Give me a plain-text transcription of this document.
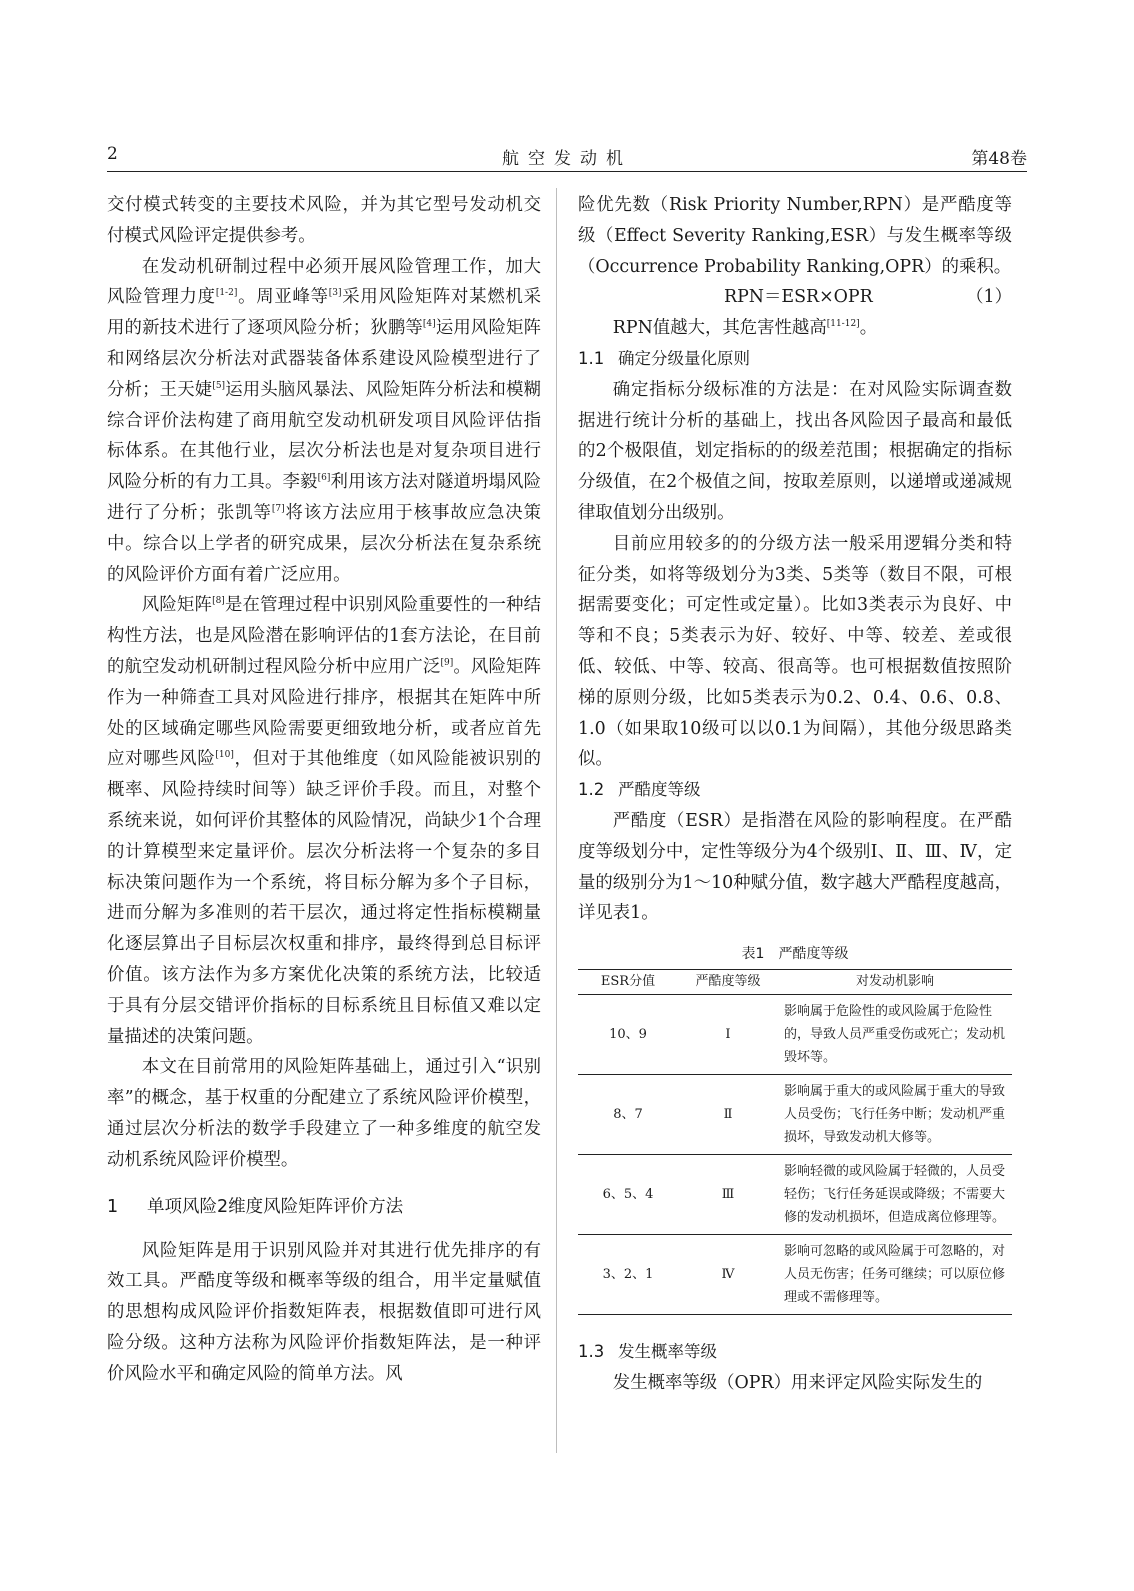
2	航空发动机	第48卷

交付模式转变的主要技术风险，并为其它型号发动机交付模式风险评定提供参考。

在发动机研制过程中必须开展风险管理工作，加大风险管理力度[1-2]。周亚峰等[3]采用风险矩阵对某燃机采用的新技术进行了逐项风险分析；狄鹏等[4]运用风险矩阵和网络层次分析法对武器装备体系建设风险模型进行了分析；王天婕[5]运用头脑风暴法、风险矩阵分析法和模糊综合评价法构建了商用航空发动机研发项目风险评估指标体系。在其他行业，层次分析法也是对复杂项目进行风险分析的有力工具。李毅[6]利用该方法对隧道坍塌风险进行了分析；张凯等[7]将该方法应用于核事故应急决策中。综合以上学者的研究成果，层次分析法在复杂系统的风险评价方面有着广泛应用。

风险矩阵[8]是在管理过程中识别风险重要性的一种结构性方法，也是风险潜在影响评估的1套方法论，在目前的航空发动机研制过程风险分析中应用广泛[9]。风险矩阵作为一种筛查工具对风险进行排序，根据其在矩阵中所处的区域确定哪些风险需要更细致地分析，或者应首先应对哪些风险[10]，但对于其他维度（如风险能被识别的概率、风险持续时间等）缺乏评价手段。而且，对整个系统来说，如何评价其整体的风险情况，尚缺少1个合理的计算模型来定量评价。层次分析法将一个复杂的多目标决策问题作为一个系统，将目标分解为多个子目标，进而分解为多准则的若干层次，通过将定性指标模糊量化逐层算出子目标层次权重和排序，最终得到总目标评价值。该方法作为多方案优化决策的系统方法，比较适于具有分层交错评价指标的目标系统且目标值又难以定量描述的决策问题。

本文在目前常用的风险矩阵基础上，通过引入“识别率”的概念，基于权重的分配建立了系统风险评价模型，通过层次分析法的数学手段建立了一种多维度的航空发动机系统风险评价模型。

1 单项风险2维度风险矩阵评价方法

风险矩阵是用于识别风险并对其进行优先排序的有效工具。严酷度等级和概率等级的组合，用半定量赋值的思想构成风险评价指数矩阵表，根据数值即可进行风险分级。这种方法称为风险评价指数矩阵法，是一种评价风险水平和确定风险的简单方法。风

险优先数（Risk Priority Number,RPN）是严酷度等级（Effect Severity Ranking,ESR）与发生概率等级（Occurrence Probability Ranking,OPR）的乘积。

RPN＝ESR×OPR	（1）

RPN值越大，其危害性越高[11-12]。

1.1 确定分级量化原则

确定指标分级标准的方法是：在对风险实际调查数据进行统计分析的基础上，找出各风险因子最高和最低的2个极限值，划定指标的的级差范围；根据确定的指标分级值，在2个极值之间，按取差原则，以递增或递减规律取值划分出级别。

目前应用较多的的分级方法一般采用逻辑分类和特征分类，如将等级划分为3类、5类等（数目不限，可根据需要变化；可定性或定量）。比如3类表示为良好、中等和不良；5类表示为好、较好、中等、较差、差或很低、较低、中等、较高、很高等。也可根据数值按照阶梯的原则分级，比如5类表示为0.2、0.4、0.6、0.8、1.0（如果取10级可以以0.1为间隔），其他分级思路类似。

1.2 严酷度等级

严酷度（ESR）是指潜在风险的影响程度。在严酷度等级划分中，定性等级分为4个级别Ⅰ、Ⅱ、Ⅲ、Ⅳ，定量的级别分为1～10种赋分值，数字越大严酷程度越高，详见表1。

表1　严酷度等级
ESR分值	严酷度等级	对发动机影响
10、9	Ⅰ	影响属于危险性的或风险属于危险性的，导致人员严重受伤或死亡；发动机毁坏等。
8、7	Ⅱ	影响属于重大的或风险属于重大的导致人员受伤；飞行任务中断；发动机严重损坏，导致发动机大修等。
6、5、4	Ⅲ	影响轻微的或风险属于轻微的，人员受轻伤；飞行任务延误或降级；不需要大修的发动机损坏，但造成离位修理等。
3、2、1	Ⅳ	影响可忽略的或风险属于可忽略的，对人员无伤害；任务可继续；可以原位修理或不需修理等。
1.3 发生概率等级

发生概率等级（OPR）用来评定风险实际发生的
